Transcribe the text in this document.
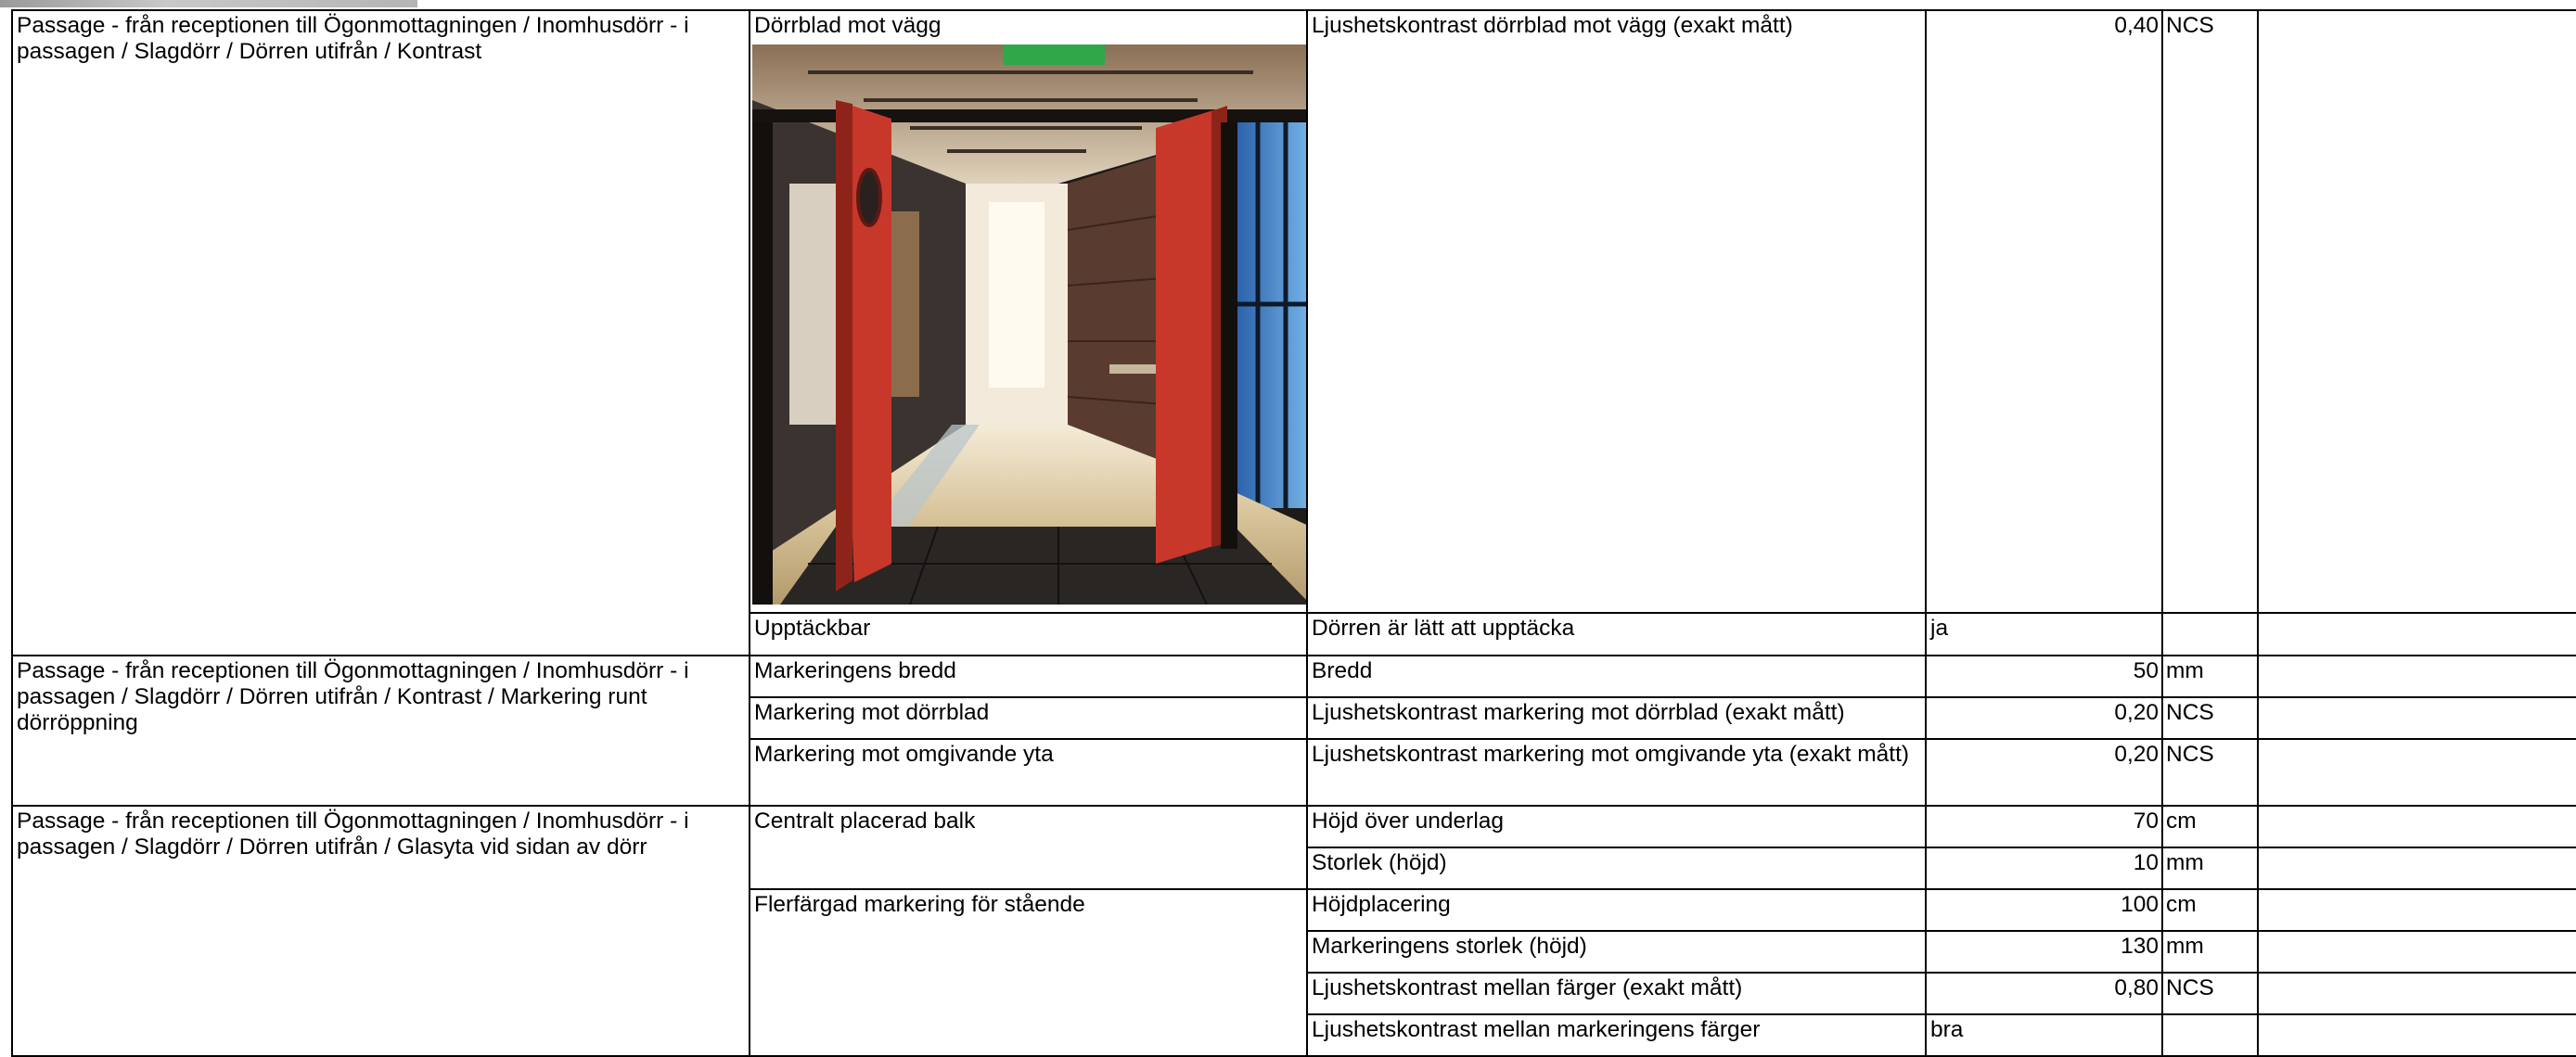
Passage - från receptionen till Ögonmottagningen / Inomhusdörr - i passagen / Slagdörr / Dörren utifrån / Kontrast	Dörrblad mot vägg	Ljushetskontrast dörrblad mot vägg (exakt mått)	0,40	NCS	
	Upptäckbar	Dörren är lätt att upptäcka	ja		
Passage - från receptionen till Ögonmottagningen / Inomhusdörr - i passagen / Slagdörr / Dörren utifrån / Kontrast / Markering runt dörröppning	Markeringens bredd	Bredd	50	mm	
	Markering mot dörrblad	Ljushetskontrast markering mot dörrblad (exakt mått)	0,20	NCS	
	Markering mot omgivande yta	Ljushetskontrast markering mot omgivande yta (exakt mått)	0,20	NCS	
Passage - från receptionen till Ögonmottagningen / Inomhusdörr - i passagen / Slagdörr / Dörren utifrån / Glasyta vid sidan av dörr	Centralt placerad balk	Höjd över underlag	70	cm	
		Storlek (höjd)	10	mm	
	Flerfärgad markering för stående	Höjdplacering	100	cm	
		Markeringens storlek (höjd)	130	mm	
		Ljushetskontrast mellan färger (exakt mått)	0,80	NCS	
		Ljushetskontrast mellan markeringens färger	bra		
